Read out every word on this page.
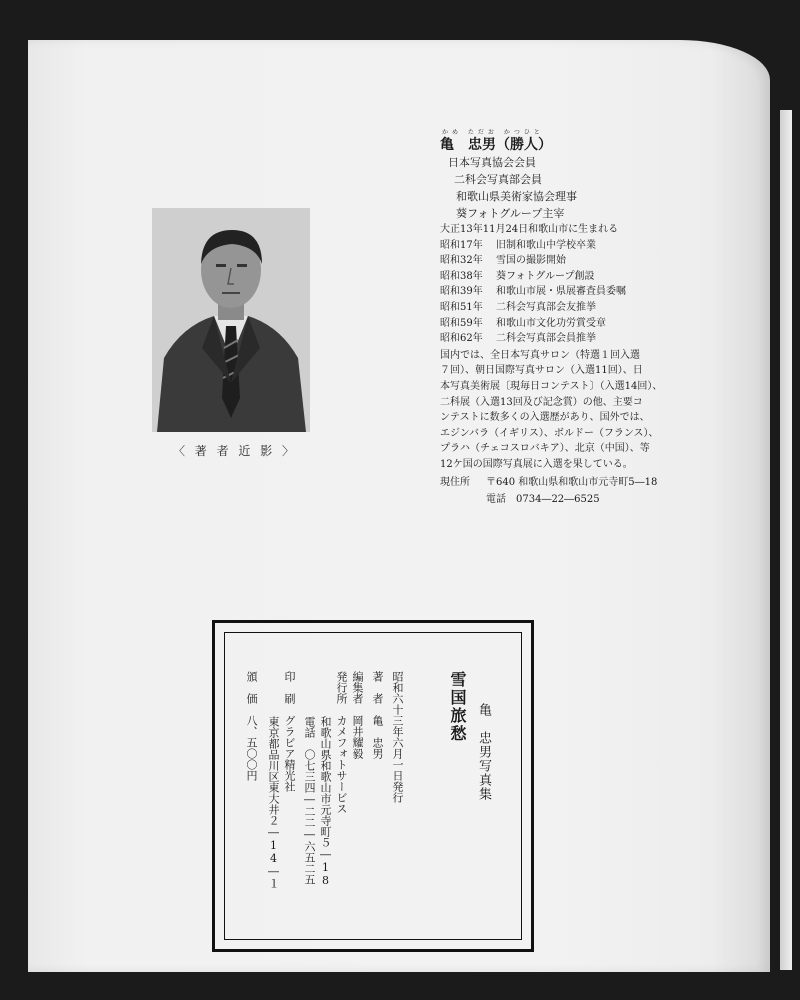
〈 著 者 近 影 〉
かめ ただお かつひと
亀　忠男（勝人）
日本写真協会会員
二科会写真部会員
和歌山県美術家協会理事
葵フォトグループ主宰
大正13年11月24日和歌山市に生まれる
昭和17年	旧制和歌山中学校卒業
昭和32年	雪国の撮影開始
昭和38年	葵フォトグループ創設
昭和39年	和歌山市展・県展審査員委嘱
昭和51年	二科会写真部会友推挙
昭和59年	和歌山市文化功労賞受章
昭和62年	二科会写真部会員推挙
国内では、全日本写真サロン（特選１回入選
７回）、朝日国際写真サロン（入選11回）、日
本写真美術展〔現毎日コンテスト〕（入選14回）、
二科展（入選13回及び記念賞）の他、主要コ
ンテストに数多くの入選歴があり、国外では、
エジンバラ（イギリス）、ボルドー（フランス）、
プラハ（チェコスロバキア）、北京（中国）、等
12ケ国の国際写真展に入選を果している。
現住所	〒640 和歌山県和歌山市元寺町5―18
電話　0734―22―6525
雪国旅愁 亀　忠男写真集
昭和六十三年六月一日発行
著　者　亀　忠男
編集者　岡井耀毅
発行所　カメフォトサービス
和歌山県和歌山市元寺町５―18
電話　〇七三四―二二―六五二五
印　刷　グラビア精光社
東京都品川区東大井２―14―１
頒　価　八、五〇〇円
